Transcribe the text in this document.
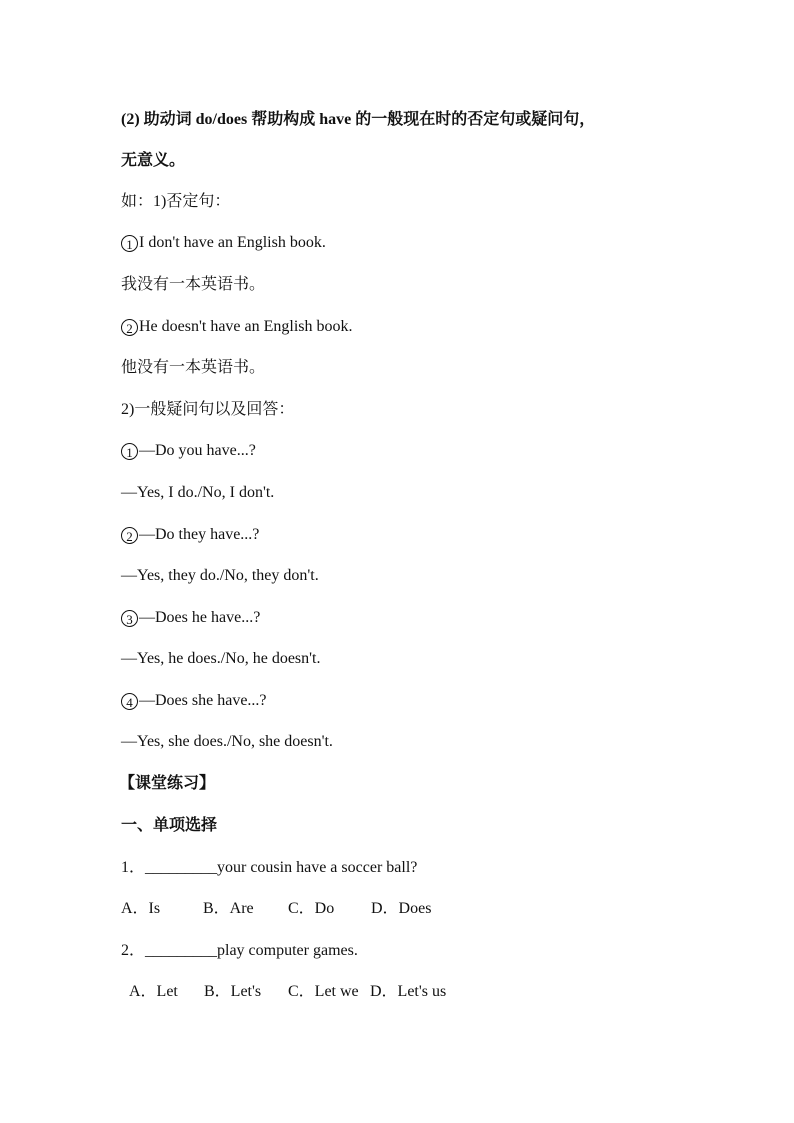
(2) 助动词 do/does 帮助构成 have 的一般现在时的否定句或疑问句，
无意义。
如：1)否定句：
1 I don't have an English book.
我没有一本英语书。
2 He doesn't have an English book.
他没有一本英语书。
2)一般疑问句以及回答：
1 —Do you have...?
—Yes, I do./No, I don't.
2 —Do they have...?
—Yes, they do./No, they don't.
3 —Does he have...?
—Yes, he does./No, he doesn't.
4 —Does she have...?
—Yes, she does./No, she doesn't.
【课堂练习】
一、单项选择
1．_________your cousin have a soccer ball?
A．Is	B．Are C．Do D．Does
2．_________play computer games.
A．Let B．Let's C．Let we D．Let's us
